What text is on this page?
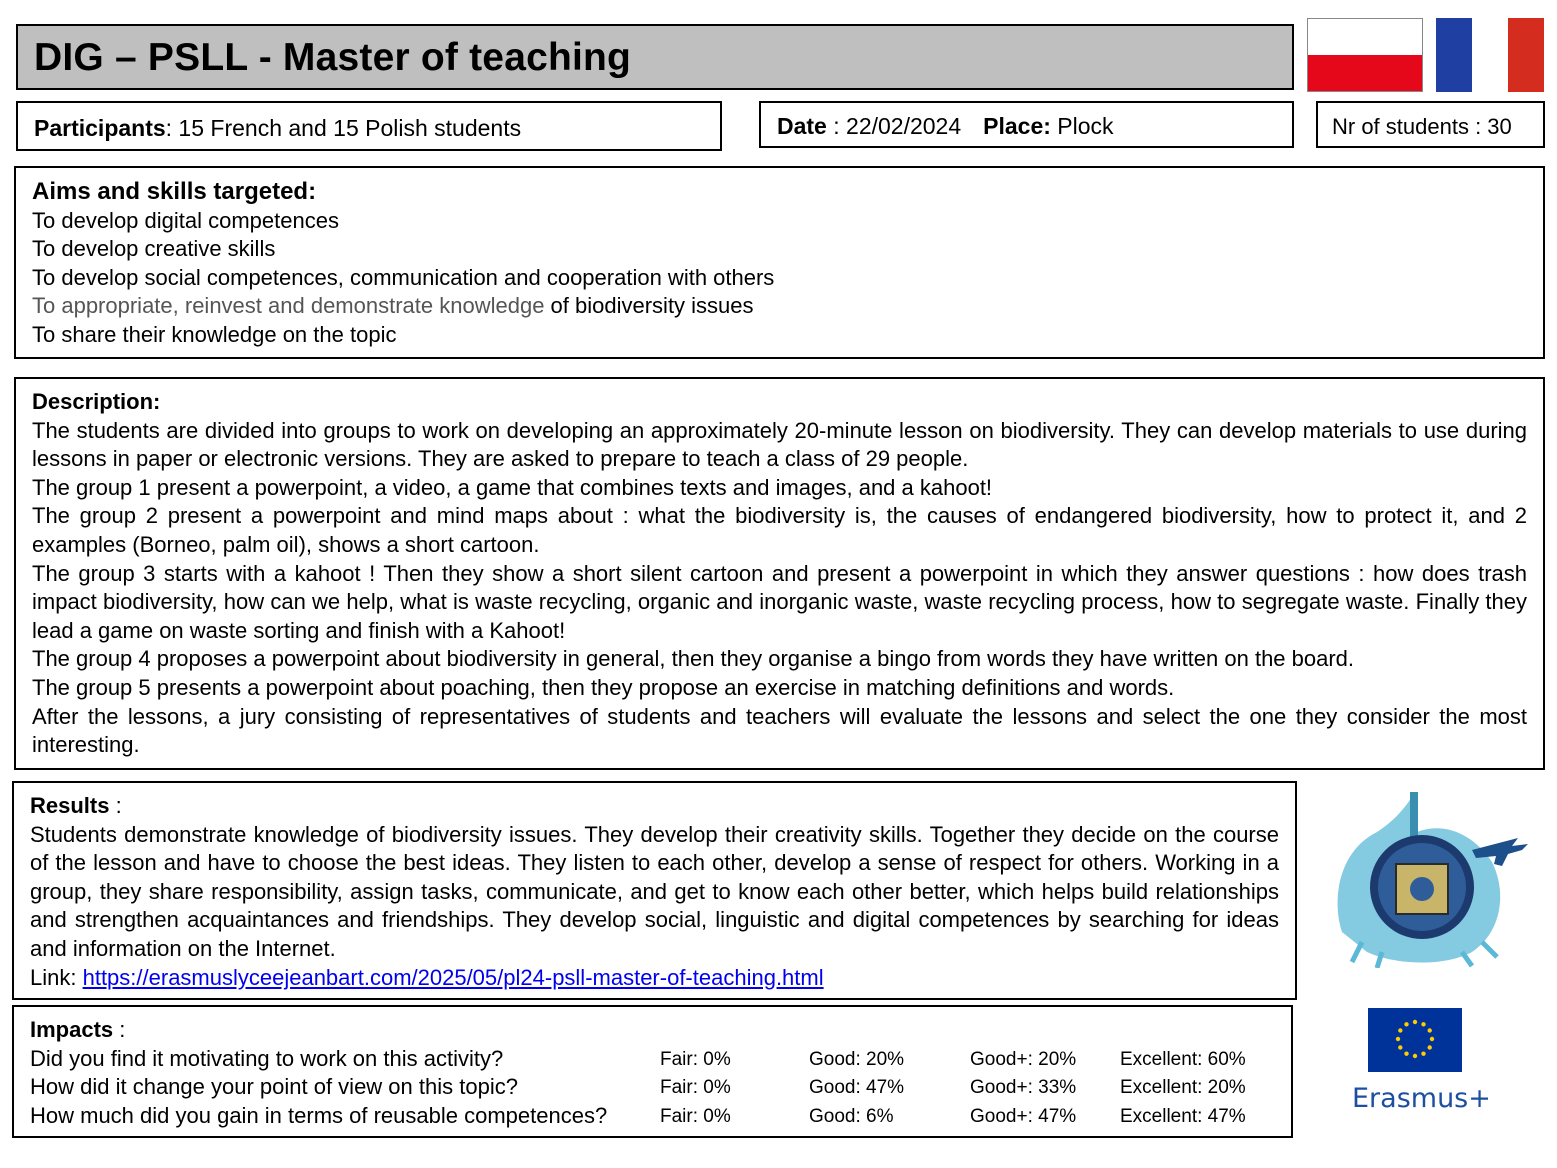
DIG – PSLL - Master of teaching
Participants: 15 French and 15 Polish students	Date : 22/02/2024 Place: Plock	Nr of students : 30
Aims and skills targeted:
To develop digital competences
To develop creative skills
To develop social competences, communication and cooperation with others
To appropriate, reinvest and demonstrate knowledge of biodiversity issues
To share their knowledge on the topic
Description:
The students are divided into groups to work on developing an approximately 20-minute lesson on biodiversity. They can develop materials to use during lessons in paper or electronic versions. They are asked to prepare to teach a class of 29 people.
The group 1 present a powerpoint, a video, a game that combines texts and images, and a kahoot!
The group 2 present a powerpoint and mind maps about : what the biodiversity is, the causes of endangered biodiversity, how to protect it, and 2 examples (Borneo, palm oil), shows a short cartoon.
The group 3 starts with a kahoot ! Then they show a short silent cartoon and present a powerpoint in which they answer questions : how does trash impact biodiversity, how can we help, what is waste recycling, organic and inorganic waste, waste recycling process, how to segregate waste. Finally they lead a game on waste sorting and finish with a Kahoot!
The group 4 proposes a powerpoint about biodiversity in general, then they organise a bingo from words they have written on the board.
The group 5 presents a powerpoint about poaching, then they propose an exercise in matching definitions and words.
After the lessons, a jury consisting of representatives of students and teachers will evaluate the lessons and select the one they consider the most interesting.
Results :
Students demonstrate knowledge of biodiversity issues. They develop their creativity skills. Together they decide on the course of the lesson and have to choose the best ideas. They listen to each other, develop a sense of respect for others. Working in a group, they share responsibility, assign tasks, communicate, and get to know each other better, which helps build relationships and strengthen acquaintances and friendships. They develop social, linguistic and digital competences by searching for ideas and information on the Internet.
Link: https://erasmuslyceejeanbart.com/2025/05/pl24-psll-master-of-teaching.html
Impacts :
Did you find it motivating to work on this activity?	Fair: 0%	Good: 20%	Good+: 20% Excellent: 60%
How did it change your point of view on this topic?	Fair: 0%	Good: 47%	Good+: 33% Excellent: 20%
How much did you gain in terms of reusable competences?	Fair: 0%	Good: 6%	Good+: 47% Excellent: 47%
Erasmus+
